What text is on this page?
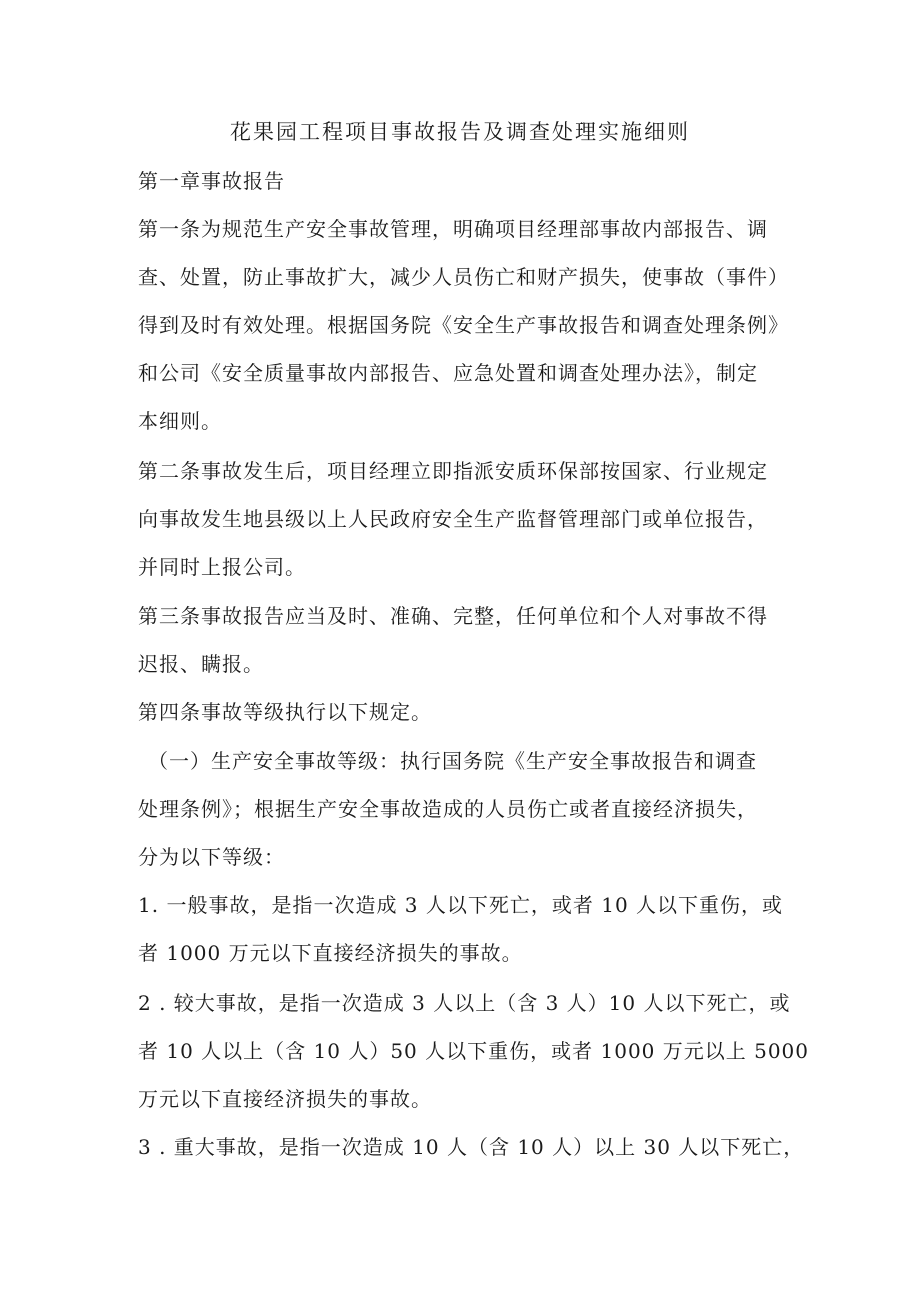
花果园工程项目事故报告及调查处理实施细则
第一章事故报告
第一条为规范生产安全事故管理，明确项目经理部事故内部报告、调
查、处置，防止事故扩大，减少人员伤亡和财产损失，使事故（事件）
得到及时有效处理。根据国务院《安全生产事故报告和调查处理条例》
和公司《安全质量事故内部报告、应急处置和调查处理办法》，制定
本细则。
第二条事故发生后，项目经理立即指派安质环保部按国家、行业规定
向事故发生地县级以上人民政府安全生产监督管理部门或单位报告，
并同时上报公司。
第三条事故报告应当及时、准确、完整，任何单位和个人对事故不得
迟报、瞒报。
第四条事故等级执行以下规定。
（一）生产安全事故等级：执行国务院《生产安全事故报告和调查
处理条例》；根据生产安全事故造成的人员伤亡或者直接经济损失，
分为以下等级：
1. 一般事故，是指一次造成 3 人以下死亡，或者 10 人以下重伤，或
者 1000 万元以下直接经济损失的事故。
2 . 较大事故，是指一次造成 3 人以上（含 3 人）10 人以下死亡，或
者 10 人以上（含 10 人）50 人以下重伤，或者 1000 万元以上 5000
万元以下直接经济损失的事故。
3 . 重大事故，是指一次造成 10 人（含 10 人）以上 30 人以下死亡，
